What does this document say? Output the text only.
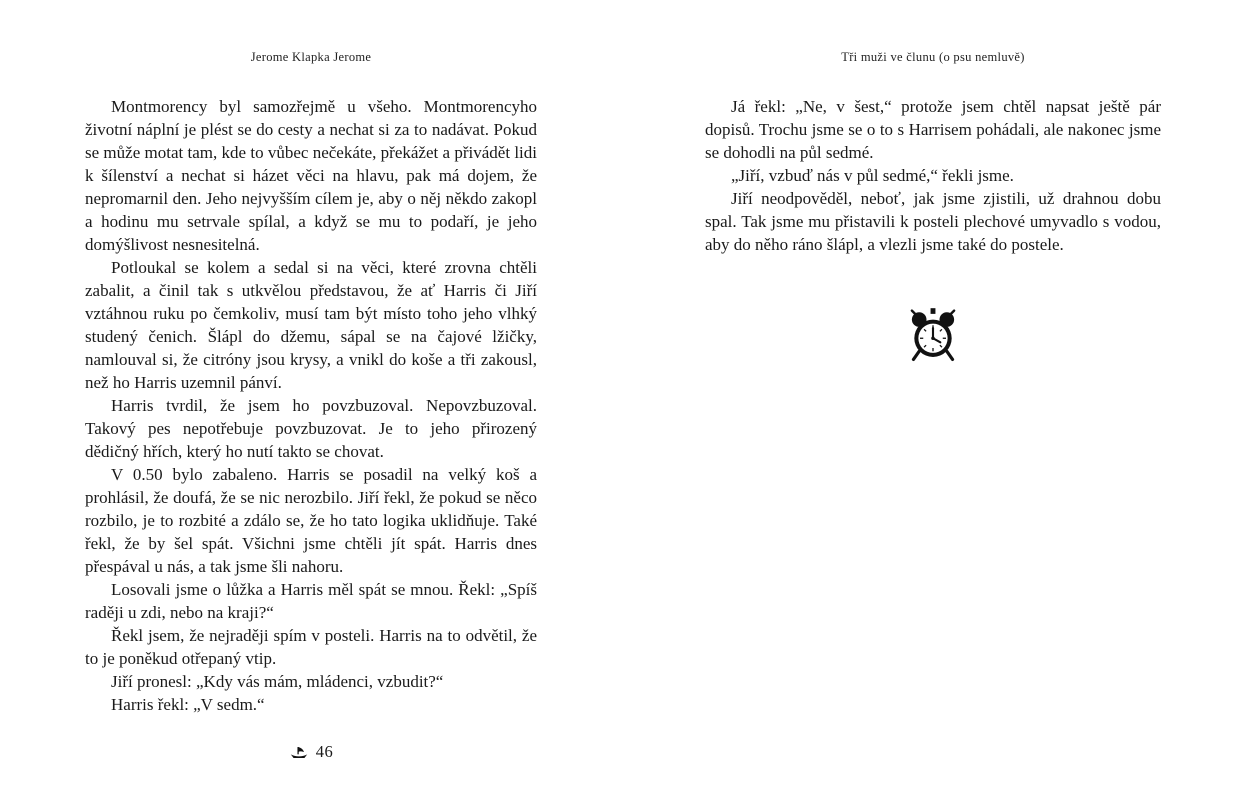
Jerome Klapka Jerome

Montmorency byl samozřejmě u všeho. Montmorencyho životní náplní je plést se do cesty a nechat si za to nadávat. Pokud se může motat tam, kde to vůbec nečekáte, překážet a přivádět lidi k šílenství a nechat si házet věci na hlavu, pak má dojem, že nepromarnil den. Jeho nejvyšším cílem je, aby o něj někdo zakopl a hodinu mu setrvale spílal, a když se mu to podaří, je jeho domýšlivost nesnesitelná.

Potloukal se kolem a sedal si na věci, které zrovna chtěli zabalit, a činil tak s utkvělou představou, že ať Harris či Jiří vztáhnou ruku po čemkoliv, musí tam být místo toho jeho vlhký studený čenich. Šlápl do džemu, sápal se na čajové lžičky, namlouval si, že citróny jsou krysy, a vnikl do koše a tři zakousl, než ho Harris uzemnil pánví.

Harris tvrdil, že jsem ho povzbuzoval. Nepovzbuzoval. Takový pes nepotřebuje povzbuzovat. Je to jeho přirozený dědičný hřích, který ho nutí takto se chovat.

V 0.50 bylo zabaleno. Harris se posadil na velký koš a prohlásil, že doufá, že se nic nerozbilo. Jiří řekl, že pokud se něco rozbilo, je to rozbité a zdálo se, že ho tato logika uklidňuje. Také řekl, že by šel spát. Všichni jsme chtěli jít spát. Harris dnes přespával u nás, a tak jsme šli nahoru.

Losovali jsme o lůžka a Harris měl spát se mnou. Řekl: „Spíš raději u zdi, nebo na kraji?“

Řekl jsem, že nejraději spím v posteli. Harris na to odvětil, že to je poněkud otřepaný vtip.

Jiří pronesl: „Kdy vás mám, mládenci, vzbudit?“

Harris řekl: „V sedm.“

46
Tři muži ve člunu (o psu nemluvě)

Já řekl: „Ne, v šest,“ protože jsem chtěl napsat ještě pár dopisů. Trochu jsme se o to s Harrisem pohádali, ale nakonec jsme se dohodli na půl sedmé.

„Jiří, vzbuď nás v půl sedmé,“ řekli jsme.

Jiří neodpověděl, neboť, jak jsme zjistili, už drahnou dobu spal. Tak jsme mu přistavili k posteli plechové umyvadlo s vodou, aby do něho ráno šlápl, a vlezli jsme také do postele.
